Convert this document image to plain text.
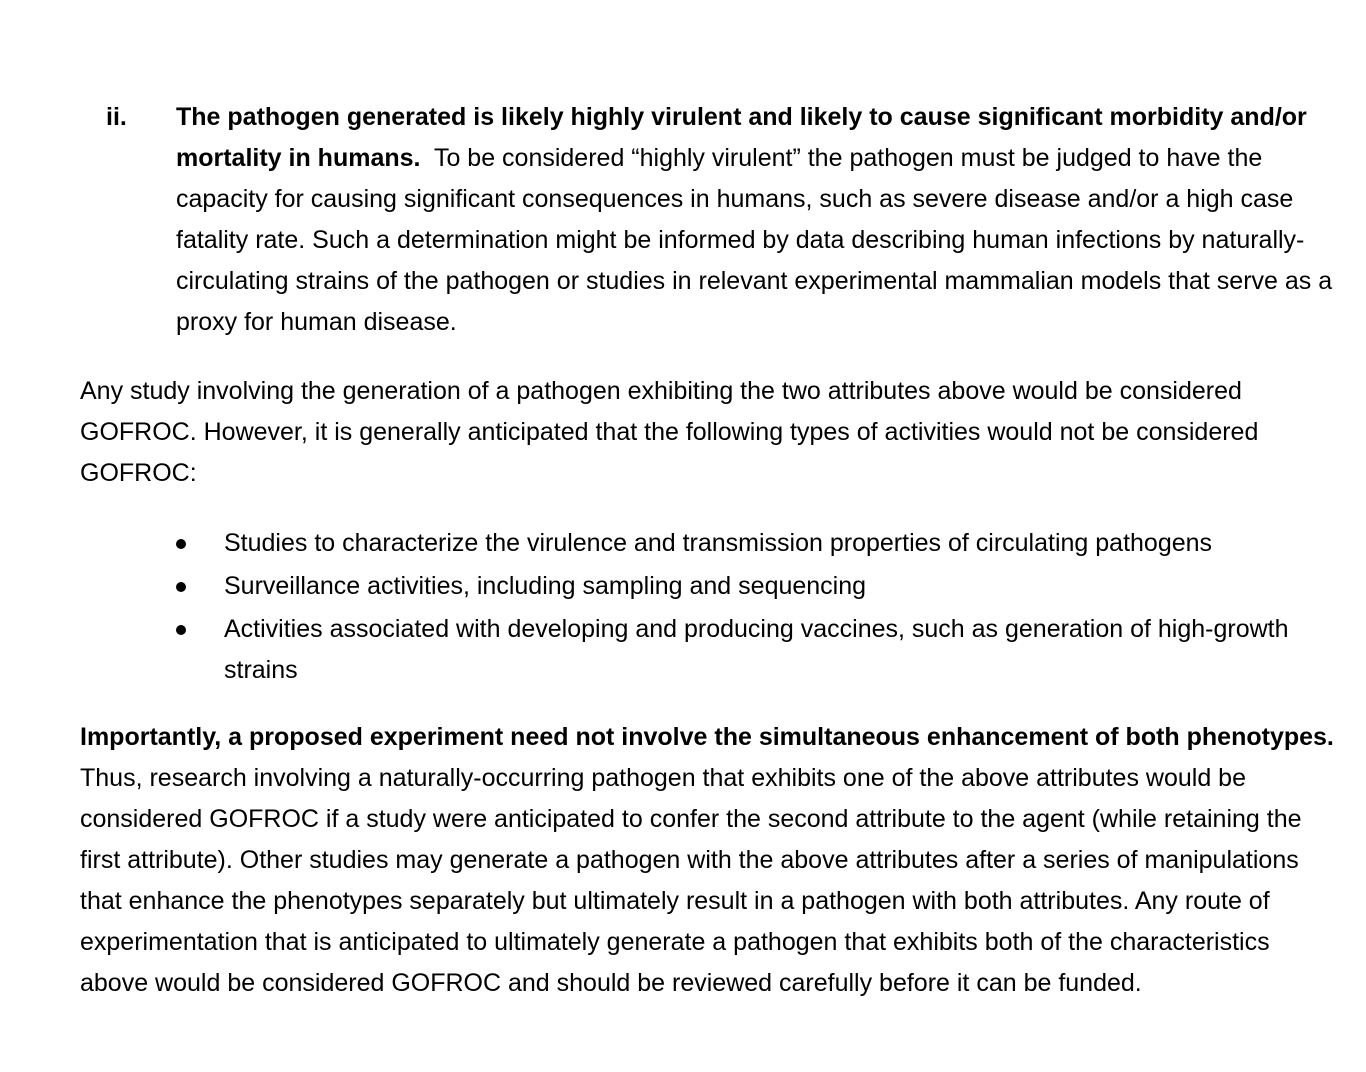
ii. The pathogen generated is likely highly virulent and likely to cause significant morbidity and/or mortality in humans. To be considered “highly virulent” the pathogen must be judged to have the capacity for causing significant consequences in humans, such as severe disease and/or a high case fatality rate. Such a determination might be informed by data describing human infections by naturally-circulating strains of the pathogen or studies in relevant experimental mammalian models that serve as a proxy for human disease.
Any study involving the generation of a pathogen exhibiting the two attributes above would be considered GOFROC. However, it is generally anticipated that the following types of activities would not be considered GOFROC:
Studies to characterize the virulence and transmission properties of circulating pathogens
Surveillance activities, including sampling and sequencing
Activities associated with developing and producing vaccines, such as generation of high-growth strains
Importantly, a proposed experiment need not involve the simultaneous enhancement of both phenotypes.  Thus, research involving a naturally-occurring pathogen that exhibits one of the above attributes would be considered GOFROC if a study were anticipated to confer the second attribute to the agent (while retaining the first attribute). Other studies may generate a pathogen with the above attributes after a series of manipulations that enhance the phenotypes separately but ultimately result in a pathogen with both attributes. Any route of experimentation that is anticipated to ultimately generate a pathogen that exhibits both of the characteristics above would be considered GOFROC and should be reviewed carefully before it can be funded.
